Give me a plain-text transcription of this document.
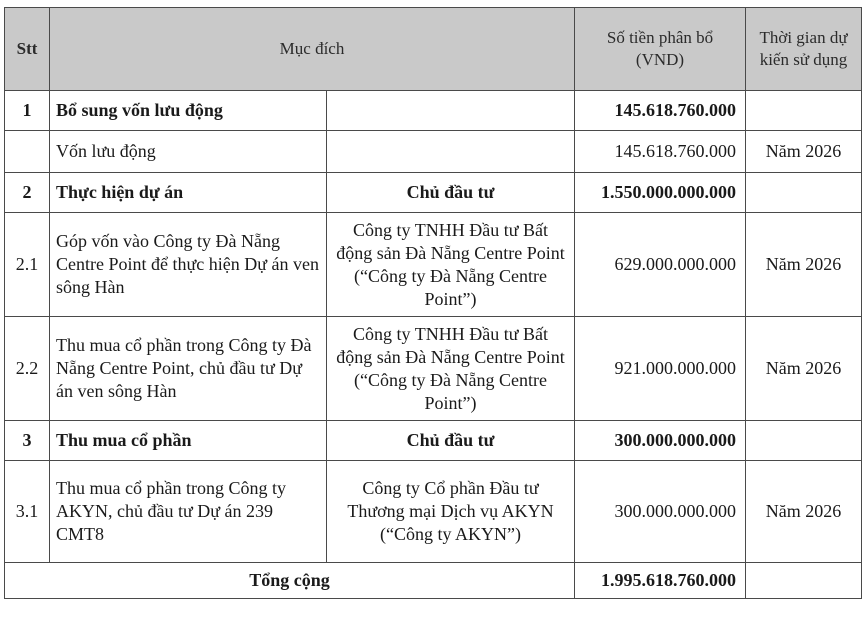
Stt	Mục đích		Số tiền phân bổ (VND)	Thời gian dự kiến sử dụng
1	Bổ sung vốn lưu động		145.618.760.000	
	Vốn lưu động		145.618.760.000	Năm 2026
2	Thực hiện dự án	Chủ đầu tư	1.550.000.000.000	
2.1	Góp vốn vào Công ty Đà Nẵng Centre Point để thực hiện Dự án ven sông Hàn	Công ty TNHH Đầu tư Bất động sản Đà Nẵng Centre Point (“Công ty Đà Nẵng Centre Point”)	629.000.000.000	Năm 2026
2.2	Thu mua cổ phần trong Công ty Đà Nẵng Centre Point, chủ đầu tư Dự án ven sông Hàn	Công ty TNHH Đầu tư Bất động sản Đà Nẵng Centre Point (“Công ty Đà Nẵng Centre Point”)	921.000.000.000	Năm 2026
3	Thu mua cổ phần	Chủ đầu tư	300.000.000.000	
3.1	Thu mua cổ phần trong Công ty AKYN, chủ đầu tư Dự án 239 CMT8	Công ty Cổ phần Đầu tư Thương mại Dịch vụ AKYN (“Công ty AKYN”)	300.000.000.000	Năm 2026
Tổng cộng			1.995.618.760.000	
